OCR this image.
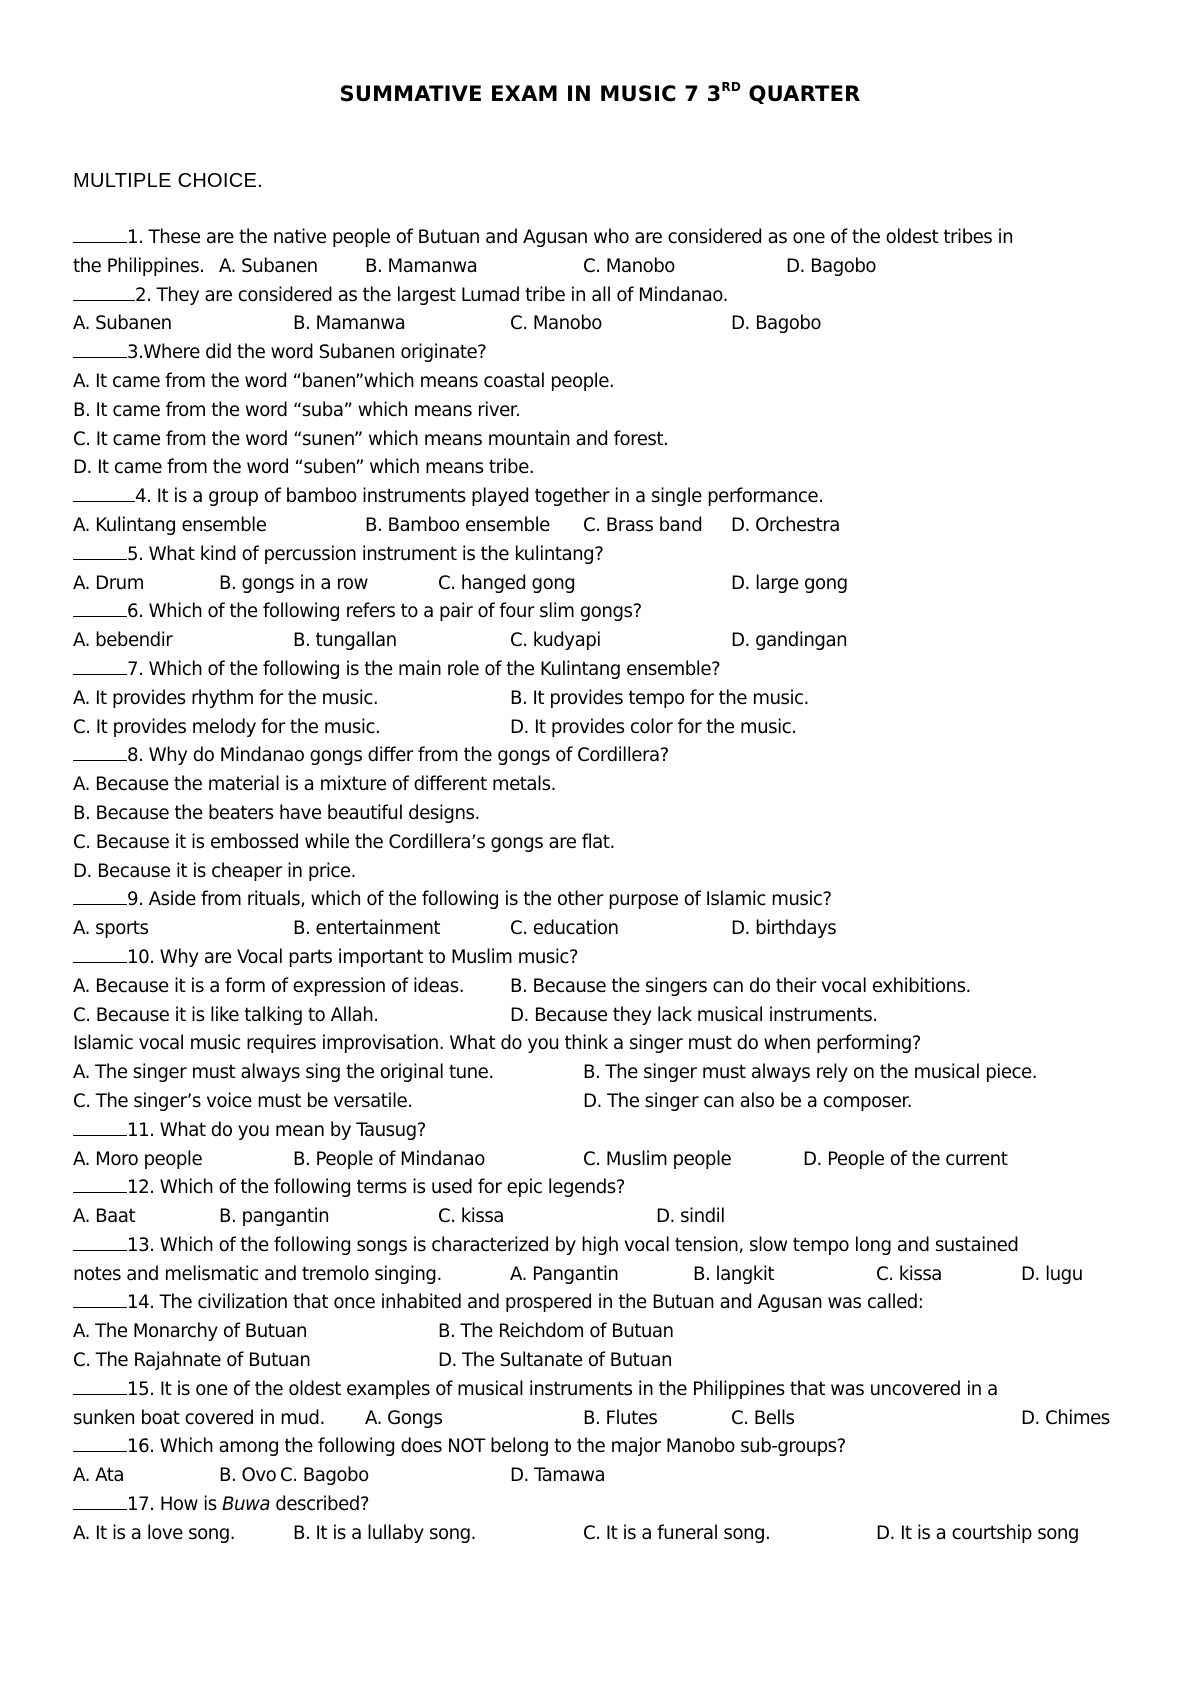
SUMMATIVE EXAM IN MUSIC 7 3RD QUARTER
MULTIPLE CHOICE.
1. These are the native people of Butuan and Agusan who are considered as one of the oldest tribes in
the Philippines. A. Subanen	B. Mamanwa	C. Manobo	D. Bagobo
2. They are considered as the largest Lumad tribe in all of Mindanao.
A. Subanen	B. Mamanwa	C. Manobo	D. Bagobo
3.Where did the word Subanen originate?
A. It came from the word “banen”which means coastal people.
B. It came from the word “suba” which means river.
C. It came from the word “sunen” which means mountain and forest.
D. It came from the word “suben” which means tribe.
4. It is a group of bamboo instruments played together in a single performance.
A. Kulintang ensemble	B. Bamboo ensemble C. Brass band D. Orchestra
5. What kind of percussion instrument is the kulintang?
A. Drum	B. gongs in a row	C. hanged gong	D. large gong
6. Which of the following refers to a pair of four slim gongs?
A. bebendir	B. tungallan	C. kudyapi	D. gandingan
7. Which of the following is the main role of the Kulintang ensemble?
A. It provides rhythm for the music.	B. It provides tempo for the music.
C. It provides melody for the music.	D. It provides color for the music.
8. Why do Mindanao gongs differ from the gongs of Cordillera?
A. Because the material is a mixture of different metals.
B. Because the beaters have beautiful designs.
C. Because it is embossed while the Cordillera’s gongs are flat.
D. Because it is cheaper in price.
9. Aside from rituals, which of the following is the other purpose of Islamic music?
A. sports	B. entertainment	C. education	D. birthdays
10. Why are Vocal parts important to Muslim music?
A. Because it is a form of expression of ideas.	B. Because the singers can do their vocal exhibitions.
C. Because it is like talking to Allah.	D. Because they lack musical instruments.
Islamic vocal music requires improvisation. What do you think a singer must do when performing?
A. The singer must always sing the original tune.	B. The singer must always rely on the musical piece.
C. The singer’s voice must be versatile.	D. The singer can also be a composer.
11. What do you mean by Tausug?
A. Moro people	B. People of Mindanao	C. Muslim people	D. People of the current
12. Which of the following terms is used for epic legends?
A. Baat	B. pangantin	C. kissa	D. sindil
13. Which of the following songs is characterized by high vocal tension, slow tempo long and sustained
notes and melismatic and tremolo singing.	A. Pangantin	B. langkit	C. kissa	D. lugu
14. The civilization that once inhabited and prospered in the Butuan and Agusan was called:
A. The Monarchy of Butuan	B. The Reichdom of Butuan
C. The Rajahnate of Butuan	D. The Sultanate of Butuan
15. It is one of the oldest examples of musical instruments in the Philippines that was uncovered in a
sunken boat covered in mud. A. Gongs	B. Flutes	C. Bells	D. Chimes
16. Which among the following does NOT belong to the major Manobo sub-groups?
A. Ata	B. Ovo C. Bagobo	D. Tamawa
17. How is Buwa described?
A. It is a love song.	B. It is a lullaby song.	C. It is a funeral song.	D. It is a courtship song
